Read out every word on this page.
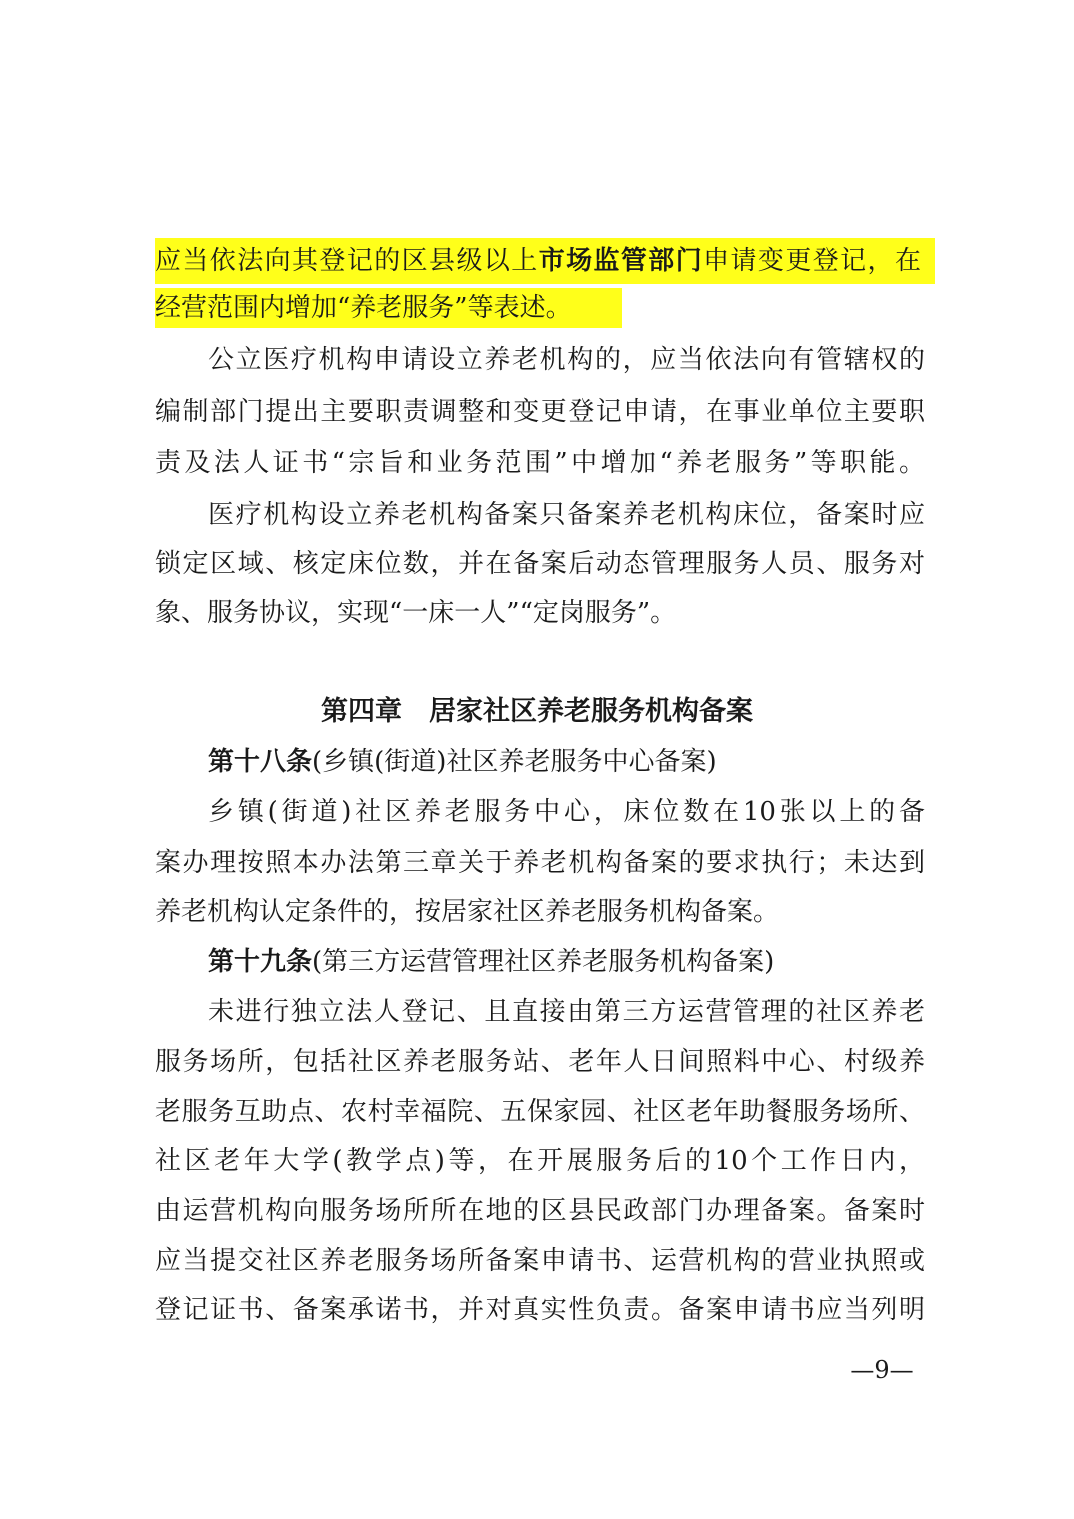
应当依法向其登记的区县级以上市场监管部门申请变更登记，在
经营范围内增加“养老服务”等表述。
公立医疗机构申请设立养老机构的，应当依法向有管辖权的
编制部门提出主要职责调整和变更登记申请，在事业单位主要职
责及法人证书“宗旨和业务范围”中增加“养老服务”等职能。
医疗机构设立养老机构备案只备案养老机构床位，备案时应
锁定区域、核定床位数，并在备案后动态管理服务人员、服务对
象、服务协议，实现“一床一人”“定岗服务”。
第四章　居家社区养老服务机构备案
第十八条(乡镇(街道)社区养老服务中心备案)
乡镇(街道)社区养老服务中心，床位数在10张以上的备
案办理按照本办法第三章关于养老机构备案的要求执行；未达到
养老机构认定条件的，按居家社区养老服务机构备案。
第十九条(第三方运营管理社区养老服务机构备案)
未进行独立法人登记、且直接由第三方运营管理的社区养老
服务场所，包括社区养老服务站、老年人日间照料中心、村级养
老服务互助点、农村幸福院、五保家园、社区老年助餐服务场所、
社区老年大学(教学点)等，在开展服务后的10个工作日内，
由运营机构向服务场所所在地的区县民政部门办理备案。备案时
应当提交社区养老服务场所备案申请书、运营机构的营业执照或
登记证书、备案承诺书，并对真实性负责。备案申请书应当列明
—9—
